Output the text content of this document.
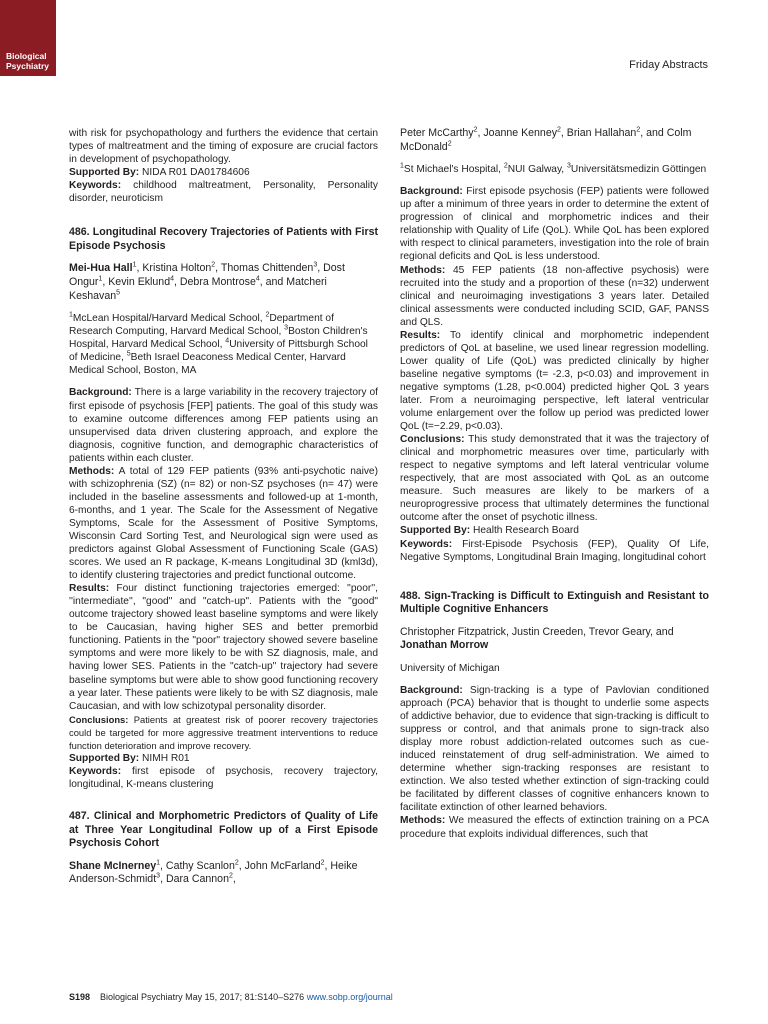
Biological
Psychiatry	Friday Abstracts

with risk for psychopathology and furthers the evidence that certain types of maltreatment and the timing of exposure are crucial factors in development of psychopathology.

Supported By: NIDA R01 DA01784606

Keywords: childhood maltreatment, Personality, Personality disorder, neuroticism

486. Longitudinal Recovery Trajectories of Patients with First Episode Psychosis

Mei-Hua Hall$^1$, Kristina Holton$^2$, Thomas Chittenden$^3$, Dost Ongur$^1$, Kevin Eklund$^4$, Debra Montrose$^4$, and Matcheri Keshavan$^5$

$^1$McLean Hospital/Harvard Medical School, $^2$Department of Research Computing, Harvard Medical School, $^3$Boston Children's Hospital, Harvard Medical School, $^4$University of Pittsburgh School of Medicine, $^5$Beth Israel Deaconess Medical Center, Harvard Medical School, Boston, MA

Background: There is a large variability in the recovery trajectory of first episode of psychosis [FEP] patients. The goal of this study was to examine outcome differences among FEP patients using an unsupervised data driven clustering approach, and explore the diagnosis, cognitive function, and demographic characteristics of patients within each cluster.

Methods: A total of 129 FEP patients (93% anti-psychotic naive) with schizophrenia (SZ) (n= 82) or non-SZ psychoses (n= 47) were included in the baseline assessments and followed-up at 1-month, 6-months, and 1 year. The Scale for the Assessment of Negative Symptoms, Scale for the Assessment of Positive Symptoms, Wisconsin Card Sorting Test, and Neurological sign were used as predictors against Global Assessment of Functioning Scale (GAS) scores. We used an R package, K-means Longitudinal 3D (kml3d), to identify clustering trajectories and predict functional outcome.

Results: Four distinct functioning trajectories emerged: ''poor'', ''intermediate'', "good" and "catch-up". Patients with the "good" outcome trajectory showed least baseline symptoms and were likely to be Caucasian, having higher SES and better premorbid functioning. Patients in the "poor" trajectory showed severe baseline symptoms and were more likely to be with SZ diagnosis, male, and having lower SES. Patients in the "catch-up" trajectory had severe baseline symptoms but were able to show good functioning recovery a year later. These patients were likely to be with SZ diagnosis, male Caucasian, and with low schizotypal personality disorder.

Conclusions: Patients at greatest risk of poorer recovery trajectories could be targeted for more aggressive treatment interventions to reduce function deterioration and improve recovery.

Supported By: NIMH R01

Keywords: first episode of psychosis, recovery trajectory, longitudinal, K-means clustering

487. Clinical and Morphometric Predictors of Quality of Life at Three Year Longitudinal Follow up of a First Episode Psychosis Cohort

Shane McInerney$^1$, Cathy Scanlon$^2$, John McFarland$^2$, Heike Anderson-Schmidt$^3$, Dara Cannon$^2$,

Peter McCarthy$^2$, Joanne Kenney$^2$, Brian Hallahan$^2$, and Colm McDonald$^2$

$^1$St Michael's Hospital, $^2$NUI Galway, $^3$Universitätsmedizin Göttingen

Background: First episode psychosis (FEP) patients were followed up after a minimum of three years in order to determine the extent of progression of clinical and morphometric indices and their relationship with Quality of Life (QoL). While QoL has been explored with respect to clinical parameters, investigation into the role of brain regional deficits and QoL is less understood.

Methods: 45 FEP patients (18 non-affective psychosis) were recruited into the study and a proportion of these (n=32) underwent clinical and neuroimaging investigations 3 years later. Detailed clinical assessments were conducted including SCID, GAF, PANSS and QLS.

Results: To identify clinical and morphometric independent predictors of QoL at baseline, we used linear regression modelling. Lower quality of Life (QoL) was predicted clinically by higher baseline negative symptoms (t= -2.3, p<0.03) and improvement in negative symptoms (1.28, p<0.004) predicted higher QoL 3 years later. From a neuroimaging perspective, left lateral ventricular volume enlargement over the follow up period was predicted lower QoL (t=−2.29, p<0.03).

Conclusions: This study demonstrated that it was the trajectory of clinical and morphometric measures over time, particularly with respect to negative symptoms and left lateral ventricular volume respectively, that are most associated with QoL as an outcome measure. Such measures are likely to be markers of a neuroprogressive process that ultimately determines the functional outcome after the onset of psychotic illness.

Supported By: Health Research Board

Keywords: First-Episode Psychosis (FEP), Quality Of Life, Negative Symptoms, Longitudinal Brain Imaging, longitudinal cohort

488. Sign-Tracking is Difficult to Extinguish and Resistant to Multiple Cognitive Enhancers

Christopher Fitzpatrick, Justin Creeden, Trevor Geary, and Jonathan Morrow

University of Michigan

Background: Sign-tracking is a type of Pavlovian conditioned approach (PCA) behavior that is thought to underlie some aspects of addictive behavior, due to evidence that sign-tracking is difficult to suppress or control, and that animals prone to sign-track also display more robust addiction-related outcomes such as cue-induced reinstatement of drug self-administration. We aimed to determine whether sign-tracking responses are resistant to extinction. We also tested whether extinction of sign-tracking could be facilitated by different classes of cognitive enhancers known to facilitate extinction of other learned behaviors.

Methods: We measured the effects of extinction training on a PCA procedure that exploits individual differences, such that

S198 Biological Psychiatry May 15, 2017; 81:S140–S276 www.sobp.org/journal
